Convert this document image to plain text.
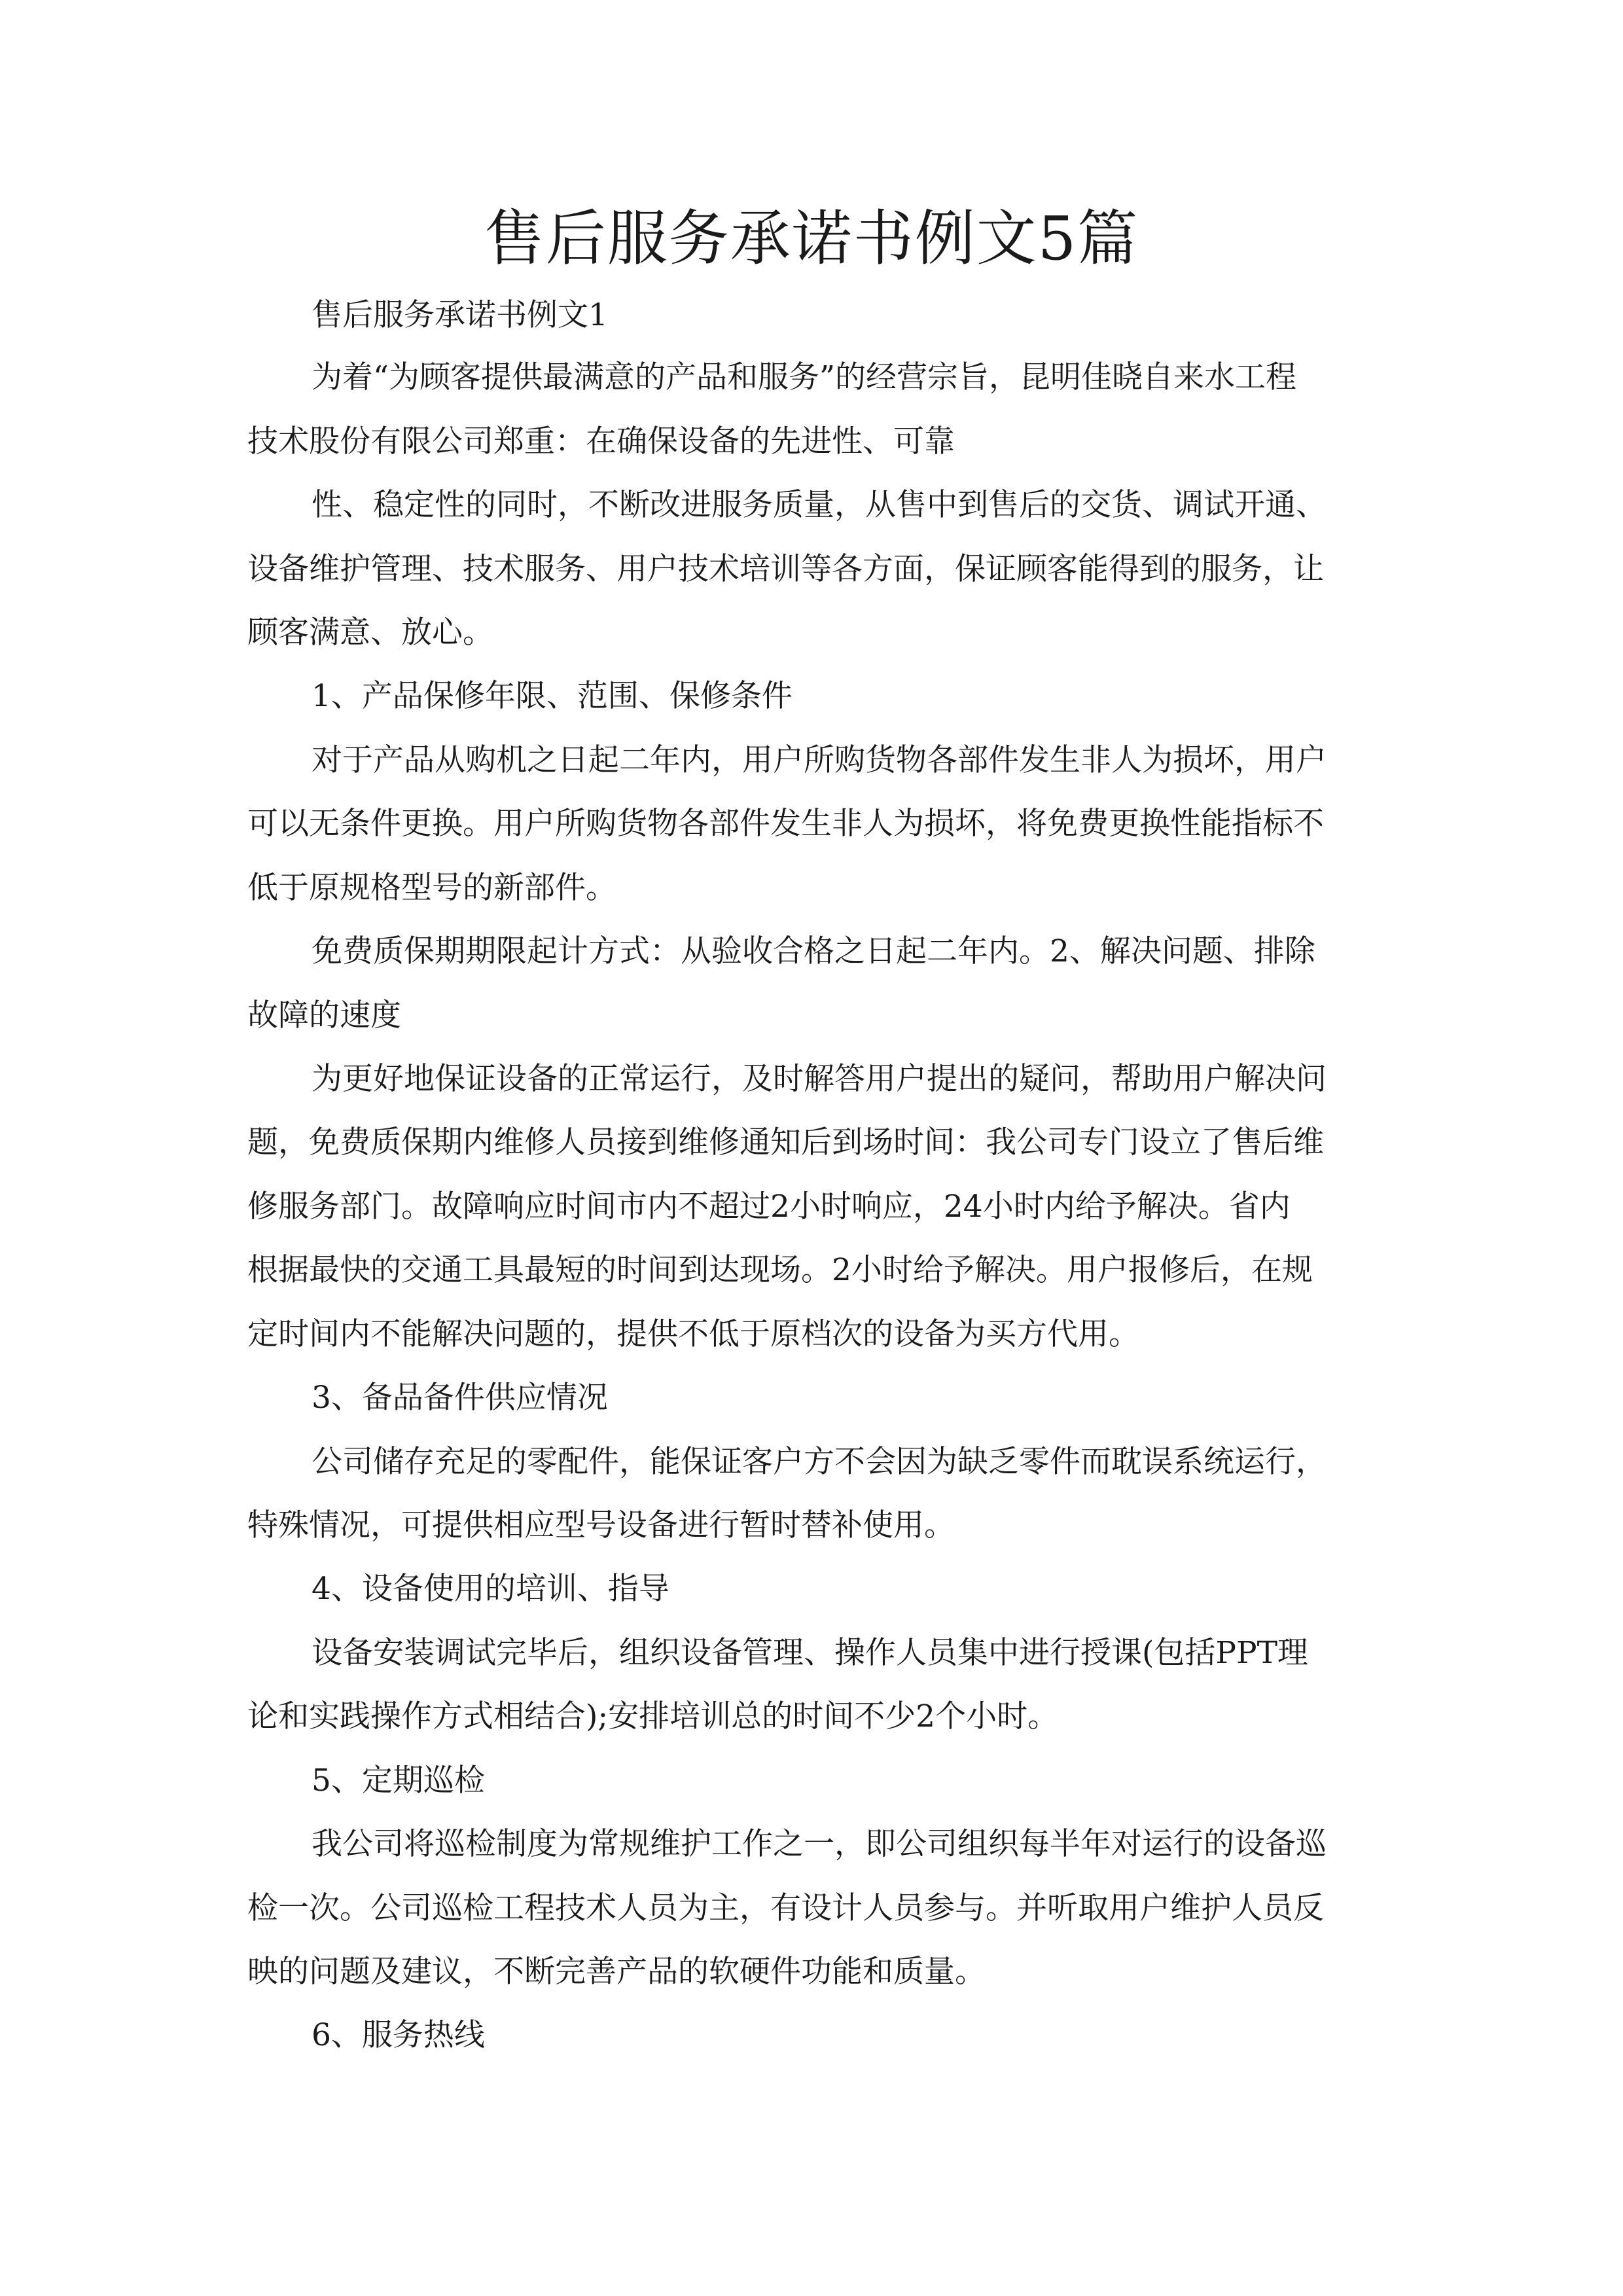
售后服务承诺书例文5篇

售后服务承诺书例文1

为着“为顾客提供最满意的产品和服务”的经营宗旨，昆明佳晓自来水工程

技术股份有限公司郑重：在确保设备的先进性、可靠

性、稳定性的同时，不断改进服务质量，从售中到售后的交货、调试开通、

设备维护管理、技术服务、用户技术培训等各方面，保证顾客能得到的服务，让

顾客满意、放心。

1、产品保修年限、范围、保修条件

对于产品从购机之日起二年内，用户所购货物各部件发生非人为损坏，用户

可以无条件更换。用户所购货物各部件发生非人为损坏，将免费更换性能指标不

低于原规格型号的新部件。

免费质保期期限起计方式：从验收合格之日起二年内。2、解决问题、排除

故障的速度

为更好地保证设备的正常运行，及时解答用户提出的疑问，帮助用户解决问

题，免费质保期内维修人员接到维修通知后到场时间：我公司专门设立了售后维

修服务部门。故障响应时间市内不超过2小时响应，24小时内给予解决。省内

根据最快的交通工具最短的时间到达现场。2小时给予解决。用户报修后，在规

定时间内不能解决问题的，提供不低于原档次的设备为买方代用。

3、备品备件供应情况

公司储存充足的零配件，能保证客户方不会因为缺乏零件而耽误系统运行，

特殊情况，可提供相应型号设备进行暂时替补使用。

4、设备使用的培训、指导

设备安装调试完毕后，组织设备管理、操作人员集中进行授课(包括PPT理

论和实践操作方式相结合);安排培训总的时间不少2个小时。

5、定期巡检

我公司将巡检制度为常规维护工作之一，即公司组织每半年对运行的设备巡

检一次。公司巡检工程技术人员为主，有设计人员参与。并听取用户维护人员反

映的问题及建议，不断完善产品的软硬件功能和质量。

6、服务热线
